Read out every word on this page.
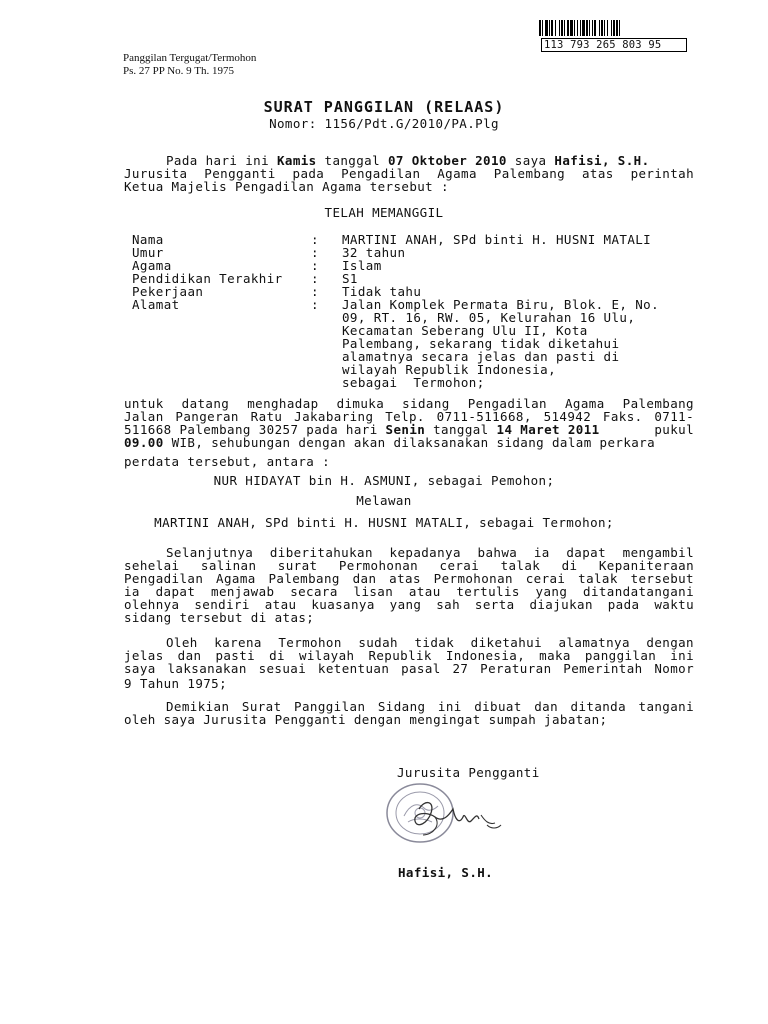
Panggilan Tergugat/Termohon
Ps. 27 PP No. 9 Th. 1975
113 793 265 803 95
SURAT PANGGILAN (RELAAS)
Nomor: 1156/Pdt.G/2010/PA.Plg
Pada hari ini Kamis tanggal 07 Oktober 2010 saya Hafisi, S.H.
Jurusita Pengganti pada Pengadilan Agama Palembang atas perintah
Ketua Majelis Pengadilan Agama tersebut :
TELAH MEMANGGIL
Nama	: MARTINI ANAH, SPd binti H. HUSNI MATALI
Umur	: 32 tahun
Agama	: Islam
Pendidikan Terakhir : S1
Pekerjaan	: Tidak tahu
Alamat	: Jalan Komplek Permata Biru, Blok. E, No.
09, RT. 16, RW. 05, Kelurahan 16 Ulu,
Kecamatan Seberang Ulu II, Kota
Palembang, sekarang tidak diketahui
alamatnya secara jelas dan pasti di
wilayah Republik Indonesia,
sebagai  Termohon;
untuk datang menghadap dimuka sidang Pengadilan Agama Palembang
Jalan Pangeran Ratu Jakabaring Telp. 0711-511668, 514942 Faks. 0711-
511668 Palembang 30257 pada hari Senin tanggal 14 Maret 2011	pukul
09.00 WIB, sehubungan dengan akan dilaksanakan sidang dalam perkara
perdata tersebut, antara :
NUR HIDAYAT bin H. ASMUNI, sebagai Pemohon;
Melawan
MARTINI ANAH, SPd binti H. HUSNI MATALI, sebagai Termohon;
Selanjutnya diberitahukan kepadanya bahwa ia dapat mengambil
sehelai salinan surat Permohonan cerai talak di Kepaniteraan
Pengadilan Agama Palembang dan atas Permohonan cerai talak tersebut
ia dapat menjawab secara lisan atau tertulis yang ditandatangani
olehnya sendiri atau kuasanya yang sah serta diajukan pada waktu
sidang tersebut di atas;
Oleh karena Termohon sudah tidak diketahui alamatnya dengan
jelas dan pasti di wilayah Republik Indonesia, maka panggilan ini
saya laksanakan sesuai ketentuan pasal 27 Peraturan Pemerintah Nomor
9 Tahun 1975;
Demikian Surat Panggilan Sidang ini dibuat dan ditanda tangani
oleh saya Jurusita Pengganti dengan mengingat sumpah jabatan;
Jurusita Pengganti
Hafisi, S.H.
